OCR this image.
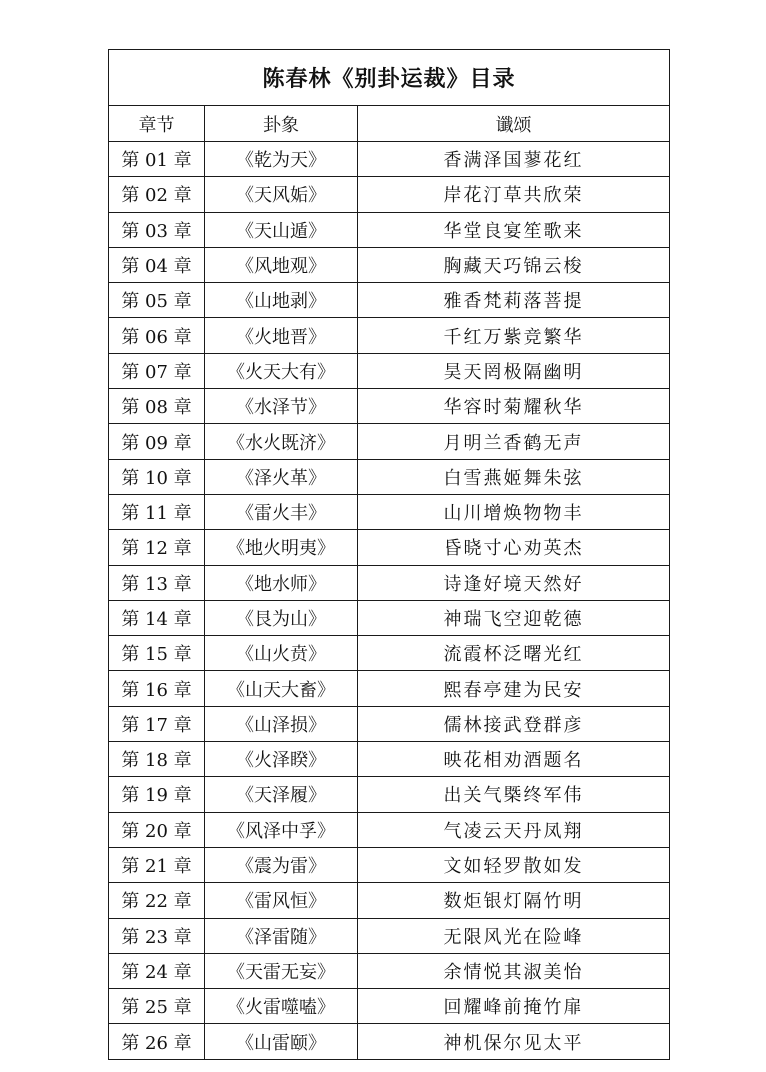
陈春林《别卦运裁》目录		
章节	卦象	谶颂
第 01 章	《乾为天》	香满泽国蓼花红
第 02 章	《天风姤》	岸花汀草共欣荣
第 03 章	《天山遁》	华堂良宴笙歌来
第 04 章	《风地观》	胸藏天巧锦云梭
第 05 章	《山地剥》	雅香梵莉落菩提
第 06 章	《火地晋》	千红万紫竞繁华
第 07 章	《火天大有》	昊天罔极隔幽明
第 08 章	《水泽节》	华容时菊耀秋华
第 09 章	《水火既济》	月明兰香鹤无声
第 10 章	《泽火革》	白雪燕姬舞朱弦
第 11 章	《雷火丰》	山川增焕物物丰
第 12 章	《地火明夷》	昏晓寸心劝英杰
第 13 章	《地水师》	诗逢好境天然好
第 14 章	《艮为山》	神瑞飞空迎乾德
第 15 章	《山火贲》	流霞杯泛曙光红
第 16 章	《山天大畜》	熙春亭建为民安
第 17 章	《山泽损》	儒林接武登群彦
第 18 章	《火泽睽》	映花相劝酒题名
第 19 章	《天泽履》	出关气槩终军伟
第 20 章	《风泽中孚》	气凌云天丹凤翔
第 21 章	《震为雷》	文如轻罗散如发
第 22 章	《雷风恒》	数炬银灯隔竹明
第 23 章	《泽雷随》	无限风光在险峰
第 24 章	《天雷无妄》	余情悦其淑美怡
第 25 章	《火雷噬嗑》	回耀峰前掩竹扉
第 26 章	《山雷颐》	神机保尔见太平
